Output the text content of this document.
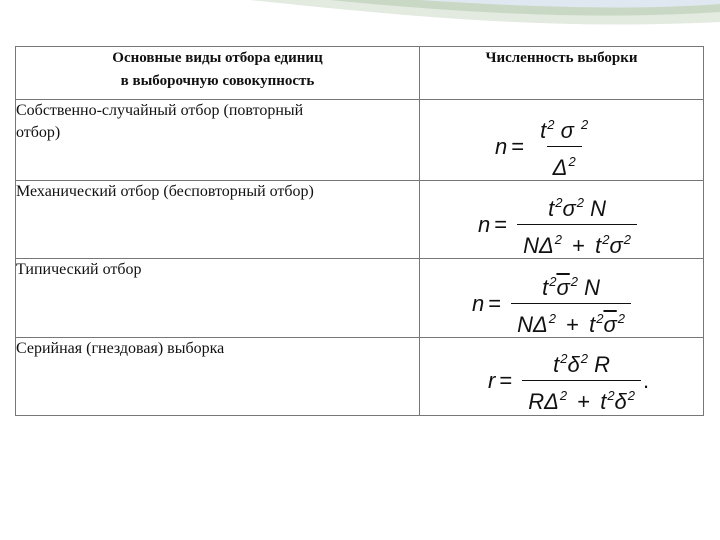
Основные виды отбора единиц
в выборочную совокупность	Численность выборки
Собственно-случайный отбор (повторный
отбор)	$n = \frac{t^2 \sigma ^2}{\Delta^2}$

Механический отбор (бесповторный отбор)	$n = \frac{t^2\sigma^2 N}{N\Delta^2 + t^2\sigma^2}$

Типический отбор	$n = \frac{t^2\overline{\sigma}^2 N}{N\Delta^2 + t^2\overline{\sigma}^2}$

Серийная (гнездовая) выборка	$r = \frac{t^2\delta^2 R}{R\Delta^2 + t^2\delta^2}$ .
